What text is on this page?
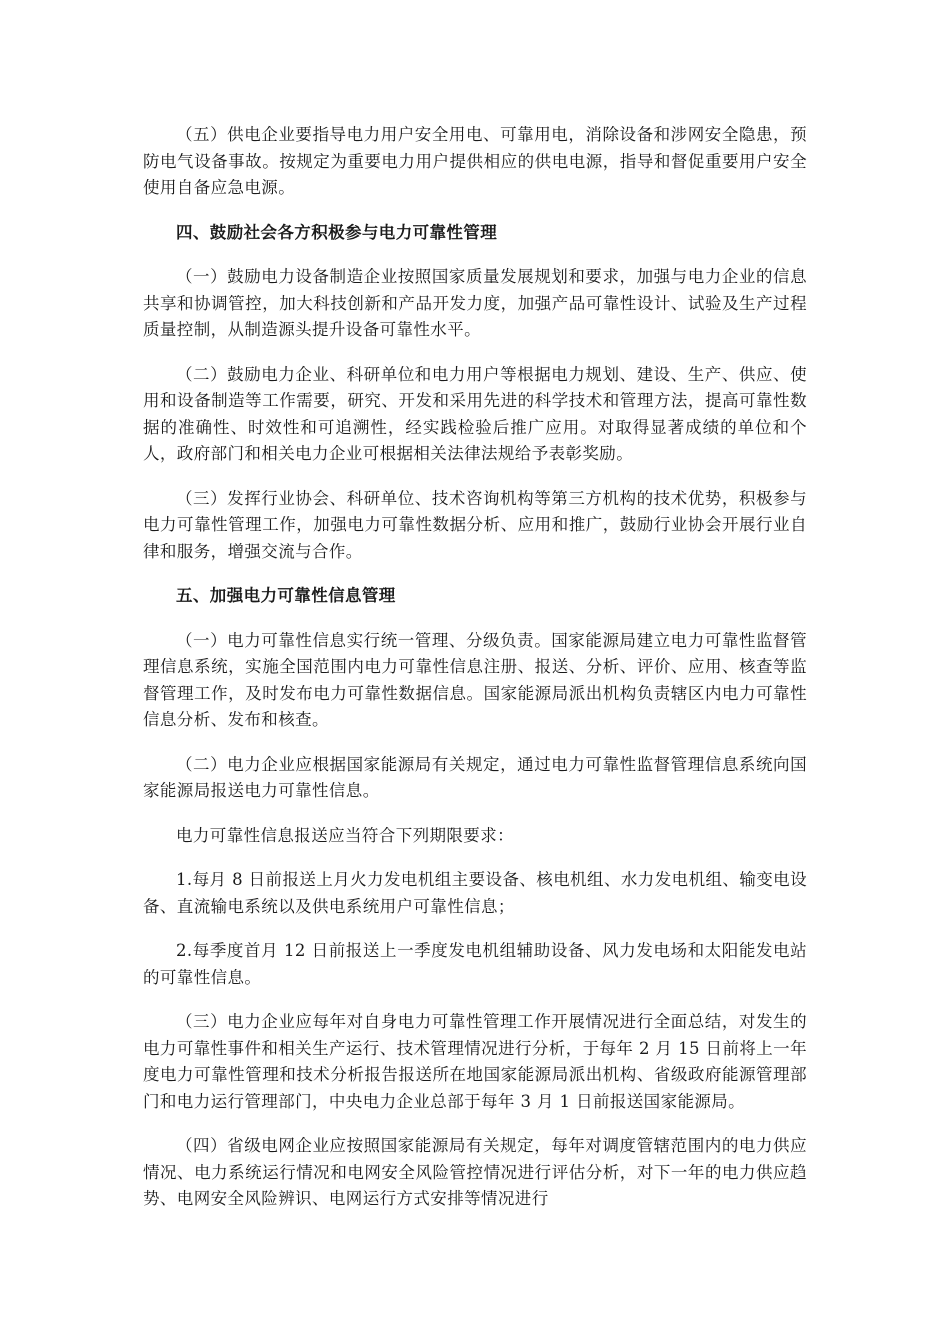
（五）供电企业要指导电力用户安全用电、可靠用电，消除设备和涉网安全隐患，预防电气设备事故。按规定为重要电力用户提供相应的供电电源，指导和督促重要用户安全使用自备应急电源。

四、鼓励社会各方积极参与电力可靠性管理

（一）鼓励电力设备制造企业按照国家质量发展规划和要求，加强与电力企业的信息共享和协调管控，加大科技创新和产品开发力度，加强产品可靠性设计、试验及生产过程质量控制，从制造源头提升设备可靠性水平。

（二）鼓励电力企业、科研单位和电力用户等根据电力规划、建设、生产、供应、使用和设备制造等工作需要，研究、开发和采用先进的科学技术和管理方法，提高可靠性数据的准确性、时效性和可追溯性，经实践检验后推广应用。对取得显著成绩的单位和个人，政府部门和相关电力企业可根据相关法律法规给予表彰奖励。

（三）发挥行业协会、科研单位、技术咨询机构等第三方机构的技术优势，积极参与电力可靠性管理工作，加强电力可靠性数据分析、应用和推广，鼓励行业协会开展行业自律和服务，增强交流与合作。

五、加强电力可靠性信息管理

（一）电力可靠性信息实行统一管理、分级负责。国家能源局建立电力可靠性监督管理信息系统，实施全国范围内电力可靠性信息注册、报送、分析、评价、应用、核查等监督管理工作，及时发布电力可靠性数据信息。国家能源局派出机构负责辖区内电力可靠性信息分析、发布和核查。

（二）电力企业应根据国家能源局有关规定，通过电力可靠性监督管理信息系统向国家能源局报送电力可靠性信息。

电力可靠性信息报送应当符合下列期限要求：

1.每月 8 日前报送上月火力发电机组主要设备、核电机组、水力发电机组、输变电设备、直流输电系统以及供电系统用户可靠性信息；

2.每季度首月 12 日前报送上一季度发电机组辅助设备、风力发电场和太阳能发电站的可靠性信息。

（三）电力企业应每年对自身电力可靠性管理工作开展情况进行全面总结，对发生的电力可靠性事件和相关生产运行、技术管理情况进行分析，于每年 2 月 15 日前将上一年度电力可靠性管理和技术分析报告报送所在地国家能源局派出机构、省级政府能源管理部门和电力运行管理部门，中央电力企业总部于每年 3 月 1 日前报送国家能源局。

（四）省级电网企业应按照国家能源局有关规定，每年对调度管辖范围内的电力供应情况、电力系统运行情况和电网安全风险管控情况进行评估分析，对下一年的电力供应趋势、电网安全风险辨识、电网运行方式安排等情况进行
